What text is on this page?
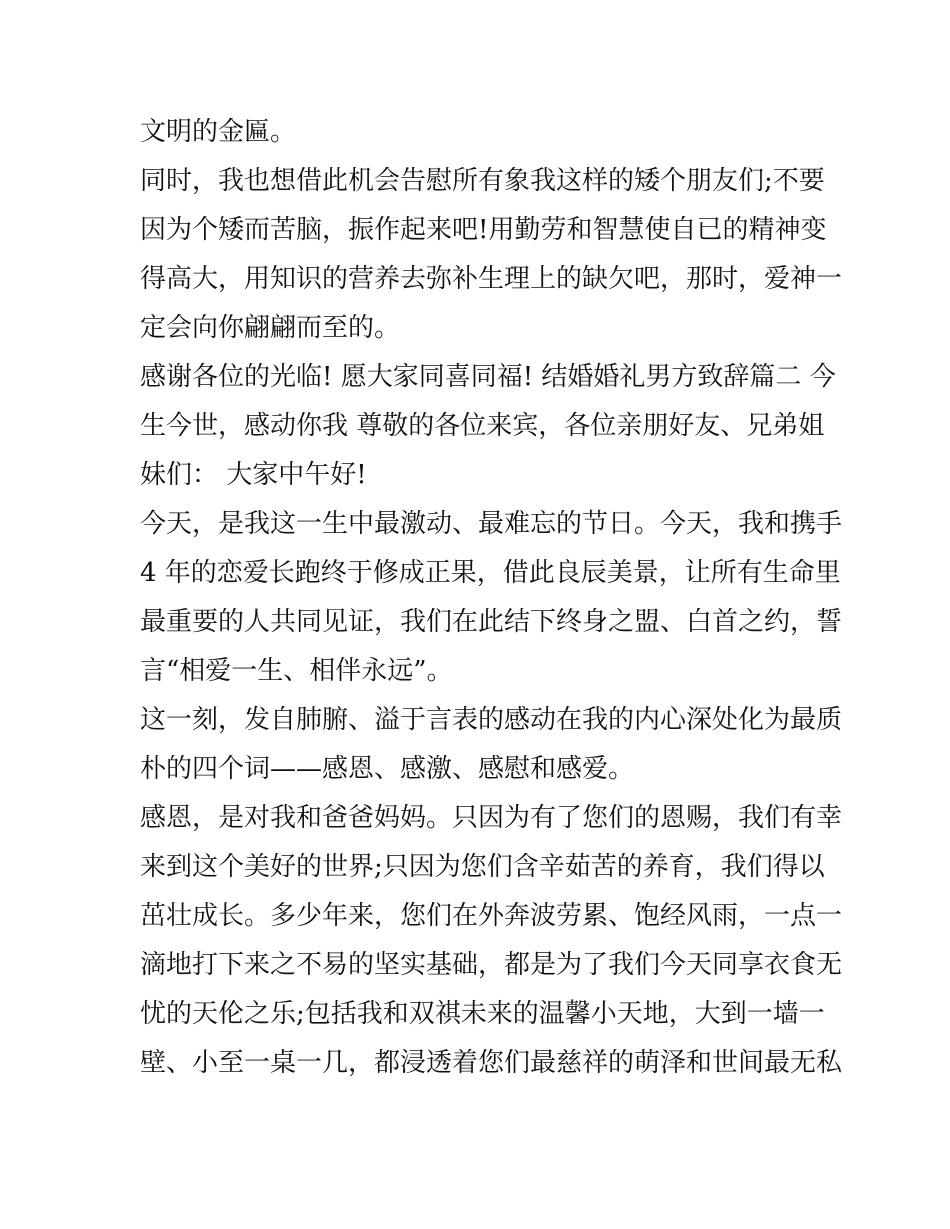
文明的金匾。
同时，我也想借此机会告慰所有象我这样的矮个朋友们;不要
因为个矮而苦脑，振作起来吧!用勤劳和智慧使自已的精神变
得高大，用知识的营养去弥补生理上的缺欠吧，那时，爱神一
定会向你翩翩而至的。
感谢各位的光临! 愿大家同喜同福! 结婚婚礼男方致辞篇二 今
生今世，感动你我 尊敬的各位来宾，各位亲朋好友、兄弟姐
妹们： 大家中午好!
今天，是我这一生中最激动、最难忘的节日。今天，我和携手
4 年的恋爱长跑终于修成正果，借此良辰美景，让所有生命里
最重要的人共同见证，我们在此结下终身之盟、白首之约，誓
言“相爱一生、相伴永远”。
这一刻，发自肺腑、溢于言表的感动在我的内心深处化为最质
朴的四个词——感恩、感激、感慰和感爱。
感恩，是对我和爸爸妈妈。只因为有了您们的恩赐，我们有幸
来到这个美好的世界;只因为您们含辛茹苦的养育，我们得以
茁壮成长。多少年来，您们在外奔波劳累、饱经风雨，一点一
滴地打下来之不易的坚实基础，都是为了我们今天同享衣食无
忧的天伦之乐;包括我和双祺未来的温馨小天地，大到一墙一
壁、小至一桌一几，都浸透着您们最慈祥的萌泽和世间最无私
